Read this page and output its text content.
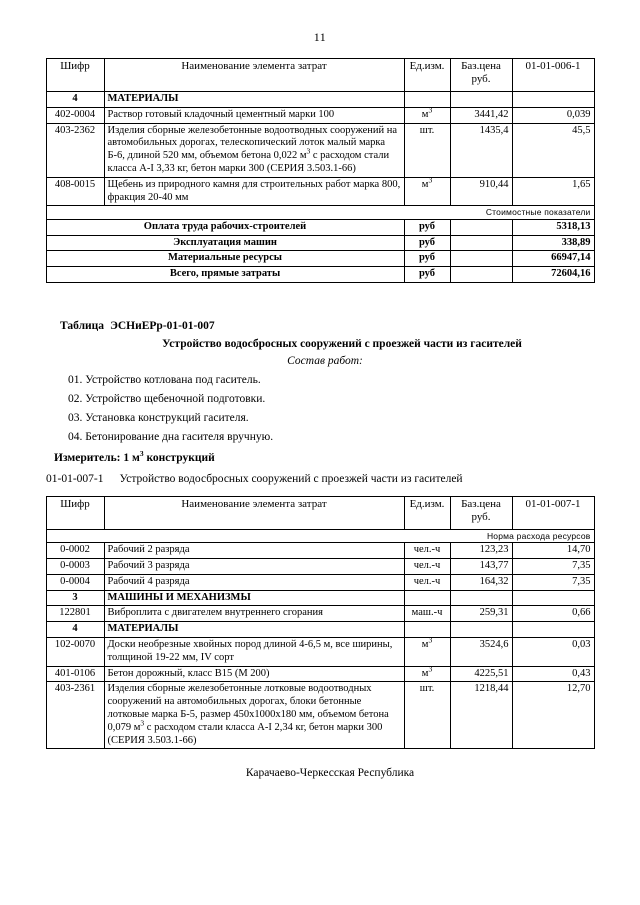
11
Шифр	Наименование элемента затрат	Ед.изм.	Баз.цена
руб.	01-01-006-1
4	МАТЕРИАЛЫ			
402-0004	Раствор готовый кладочный цементный марки 100	$м^3$	3441,42	0,039
403-2362	Изделия сборные железобетонные водоотводных сооружений на автомобильных дорогах, телескопический лоток малый марка Б-6, длиной 520 мм, объемом бетона 0,022 $м^3$ с расходом стали класса А-I 3,33 кг, бетон марки 300 (СЕРИЯ 3.503.1-66)	шт.	1435,4	45,5
408-0015	Щебень из природного камня для строительных работ марка 800, фракция 20-40 мм	$м^3$	910,44	1,65
Стоимостные показатели				
Оплата труда рабочих-строителей		руб		5318,13
Эксплуатация машин		руб		338,89
Материальные ресурсы		руб		66947,14
Всего, прямые затраты		руб		72604,16
Таблица ЭСНиЕРр-01-01-007
Устройство водосбросных сооружений с проезжей части из гасителей
Состав работ:
01. Устройство котлована под гаситель.
02. Устройство щебеночной подготовки.
03. Установка конструкций гасителя.
04. Бетонирование дна гасителя вручную.
Измеритель: 1 $м^3$ конструкций
01-01-007-1 Устройство водосбросных сооружений с проезжей части из гасителей
Шифр	Наименование элемента затрат	Ед.изм.	Баз.цена
руб.	01-01-007-1
Норма расхода ресурсов				
0-0002	Рабочий 2 разряда	чел.-ч	123,23	14,70
0-0003	Рабочий 3 разряда	чел.-ч	143,77	7,35
0-0004	Рабочий 4 разряда	чел.-ч	164,32	7,35
3	МАШИНЫ И МЕХАНИЗМЫ			
122801	Виброплита с двигателем внутреннего сгорания	маш.-ч	259,31	0,66
4	МАТЕРИАЛЫ			
102-0070	Доски необрезные хвойных пород длиной 4-6,5 м, все ширины, толщиной 19-22 мм, IV сорт	$м^3$	3524,6	0,03
401-0106	Бетон дорожный, класс В15 (М 200)	$м^3$	4225,51	0,43
403-2361	Изделия сборные железобетонные лотковые водоотводных сооружений на автомобильных дорогах, блоки бетонные лотковые марка Б-5, размер 450х1000х180 мм, объемом бетона 0,079 $м^3$ с расходом стали класса А-I 2,34 кг, бетон марки 300 (СЕРИЯ 3.503.1-66)	шт.	1218,44	12,70
Карачаево-Черкесская Республика
